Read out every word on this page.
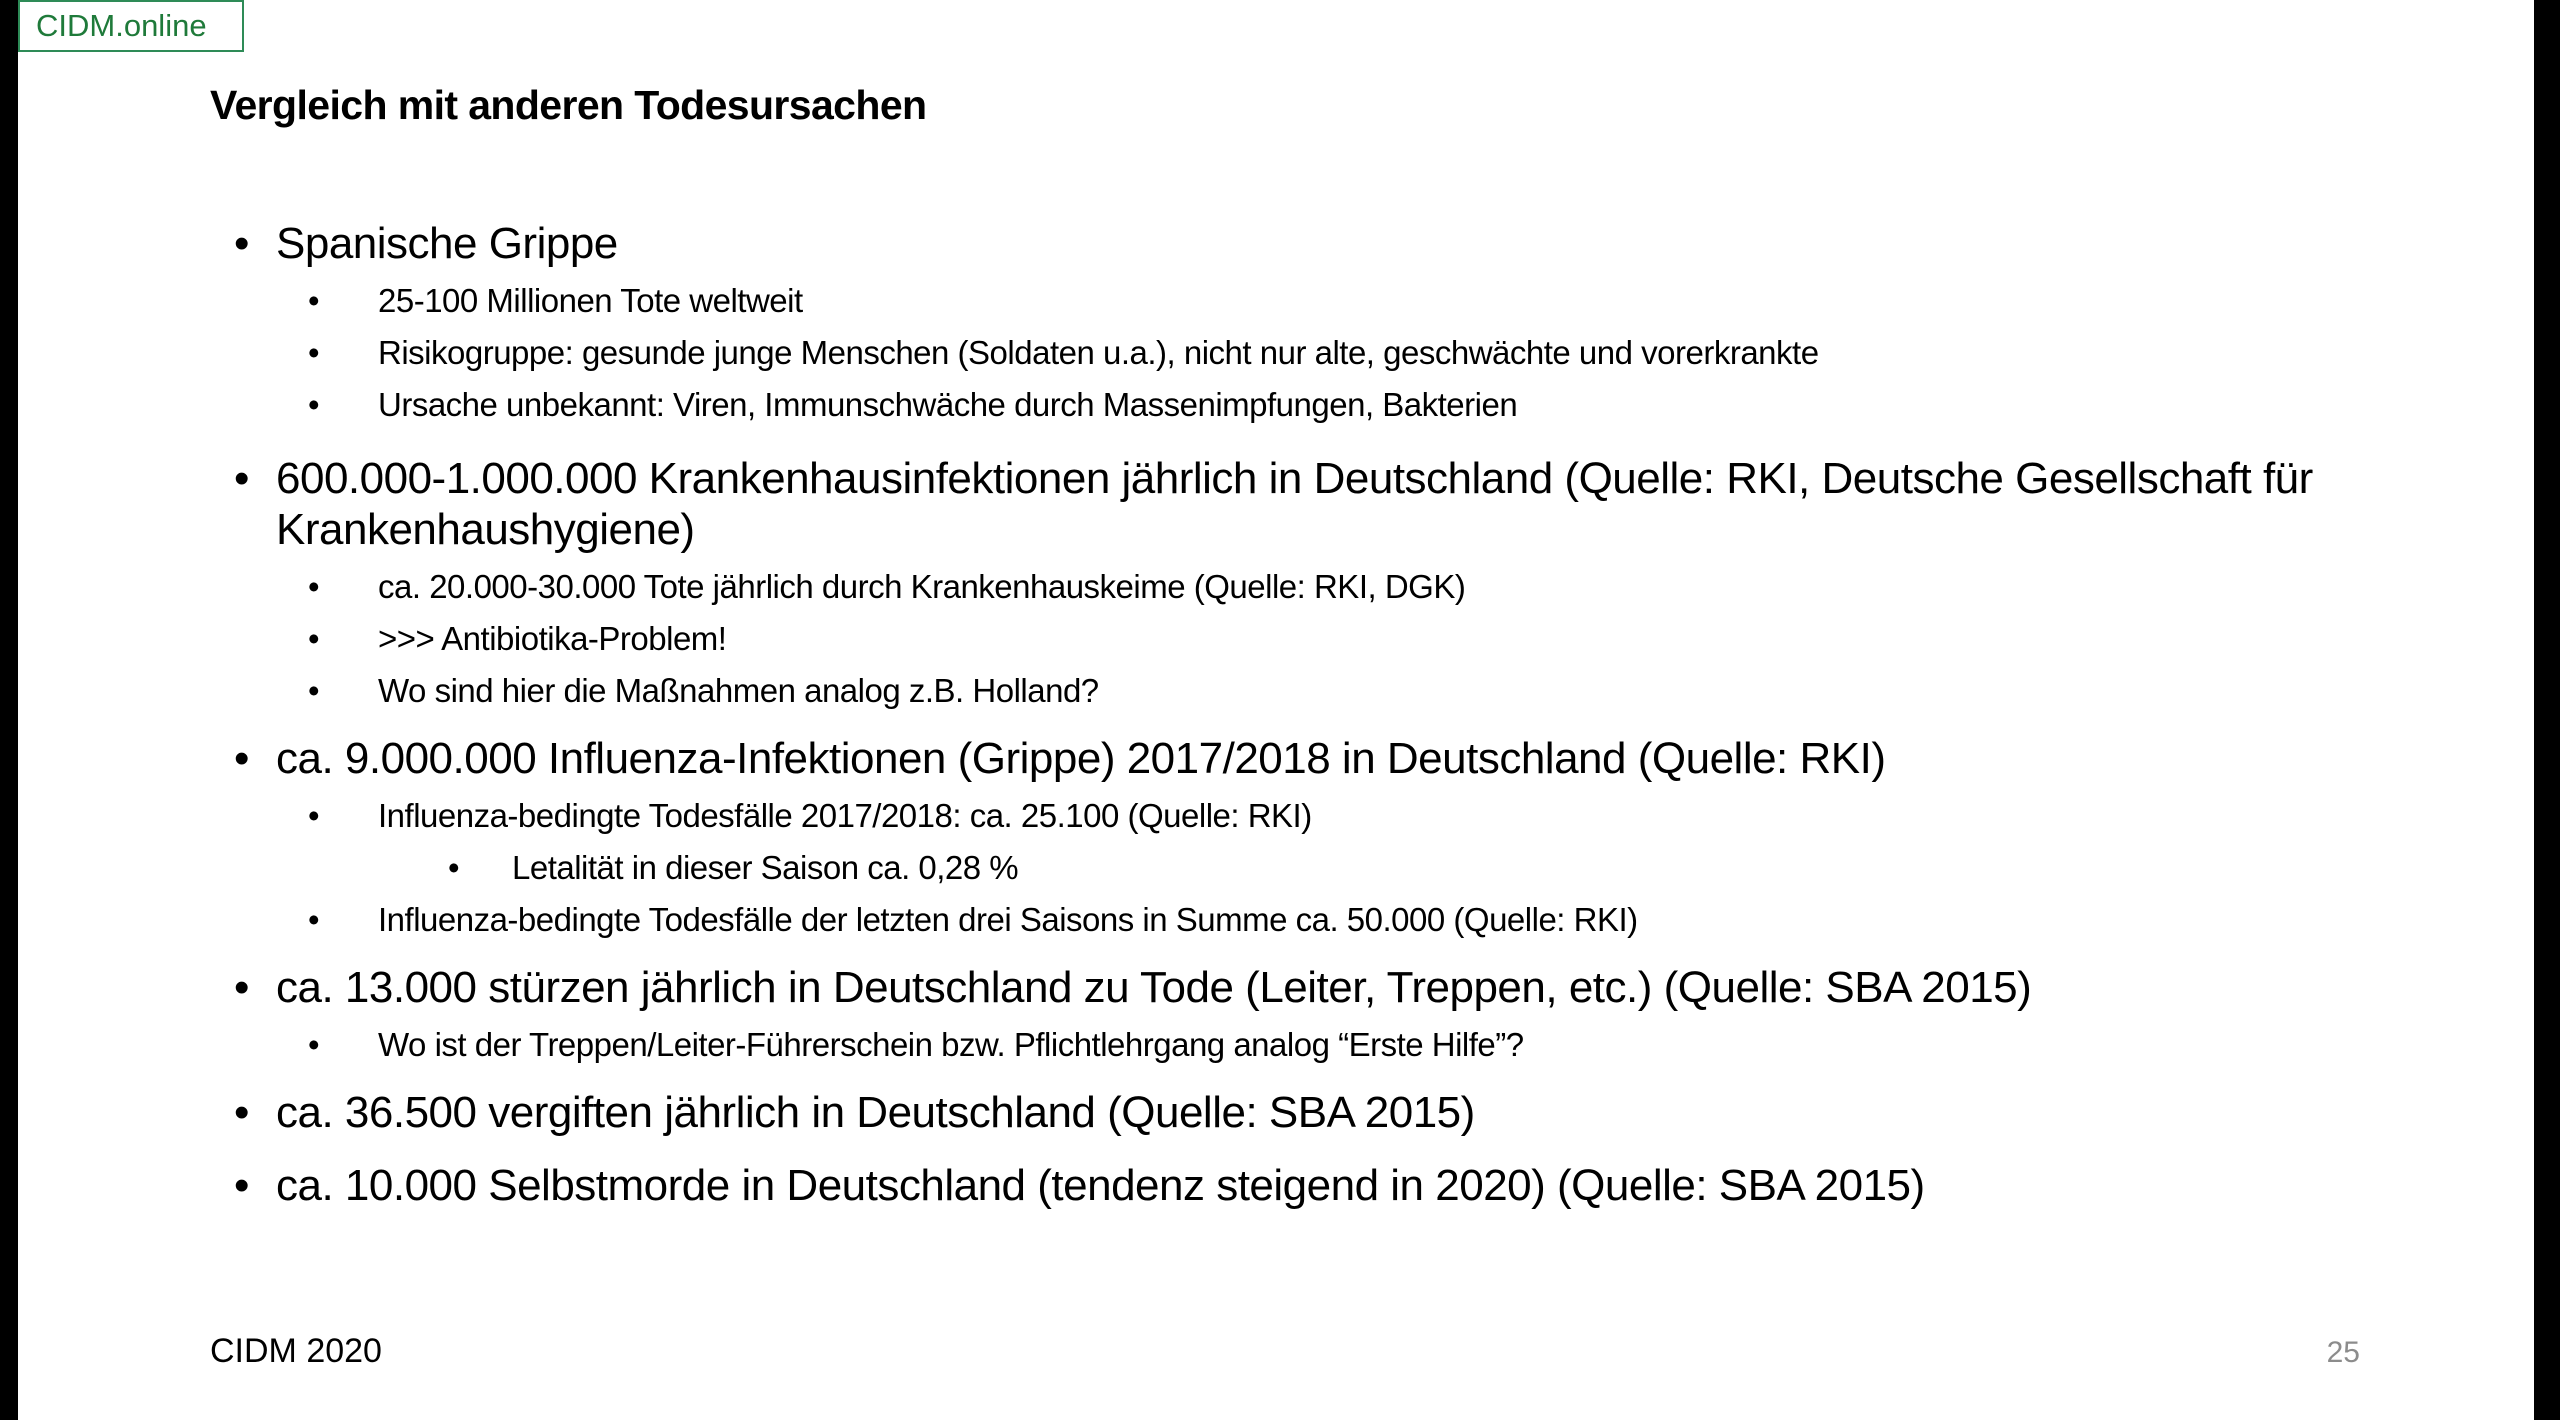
CIDM.online
Vergleich mit anderen Todesursachen
• Spanische Grippe
• 25-100 Millionen Tote weltweit
• Risikogruppe: gesunde junge Menschen (Soldaten u.a.), nicht nur alte, geschwächte und vorerkrankte
• Ursache unbekannt: Viren, Immunschwäche durch Massenimpfungen, Bakterien
• 600.000-1.000.000 Krankenhausinfektionen jährlich in Deutschland (Quelle: RKI, Deutsche Gesellschaft für Krankenhaushygiene)
• ca. 20.000-30.000 Tote jährlich durch Krankenhauskeime (Quelle: RKI, DGK)
• >>> Antibiotika-Problem!
• Wo sind hier die Maßnahmen analog z.B. Holland?
• ca. 9.000.000 Influenza-Infektionen (Grippe) 2017/2018 in Deutschland (Quelle: RKI)
• Influenza-bedingte Todesfälle 2017/2018: ca. 25.100 (Quelle: RKI)
• Letalität in dieser Saison ca. 0,28 %
• Influenza-bedingte Todesfälle der letzten drei Saisons in Summe ca. 50.000 (Quelle: RKI)
• ca. 13.000 stürzen jährlich in Deutschland zu Tode (Leiter, Treppen, etc.) (Quelle: SBA 2015)
• Wo ist der Treppen/Leiter-Führerschein bzw. Pflichtlehrgang analog “Erste Hilfe”?
• ca. 36.500 vergiften jährlich in Deutschland (Quelle: SBA 2015)
• ca. 10.000 Selbstmorde in Deutschland (tendenz steigend in 2020) (Quelle: SBA 2015)
CIDM 2020	25
